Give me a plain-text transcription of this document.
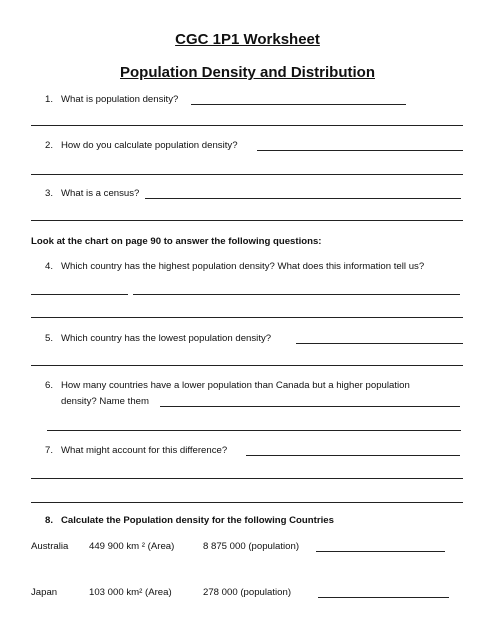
CGC 1P1 Worksheet
Population Density and Distribution
1. What is population density?
2. How do you calculate population density?
3. What is a census?
Look at the chart on page 90 to answer the following questions:
4. Which country has the highest population density? What does this information tell us?
5. Which country has the lowest population density?
6. How many countries have a lower population than Canada but a higher population
density? Name them
7. What might account for this difference?
8. Calculate the Population density for the following Countries
Australia 449 900 km ² (Area)	8 875 000 (population)
Japan	103 000 km² (Area)	278 000 (population)
